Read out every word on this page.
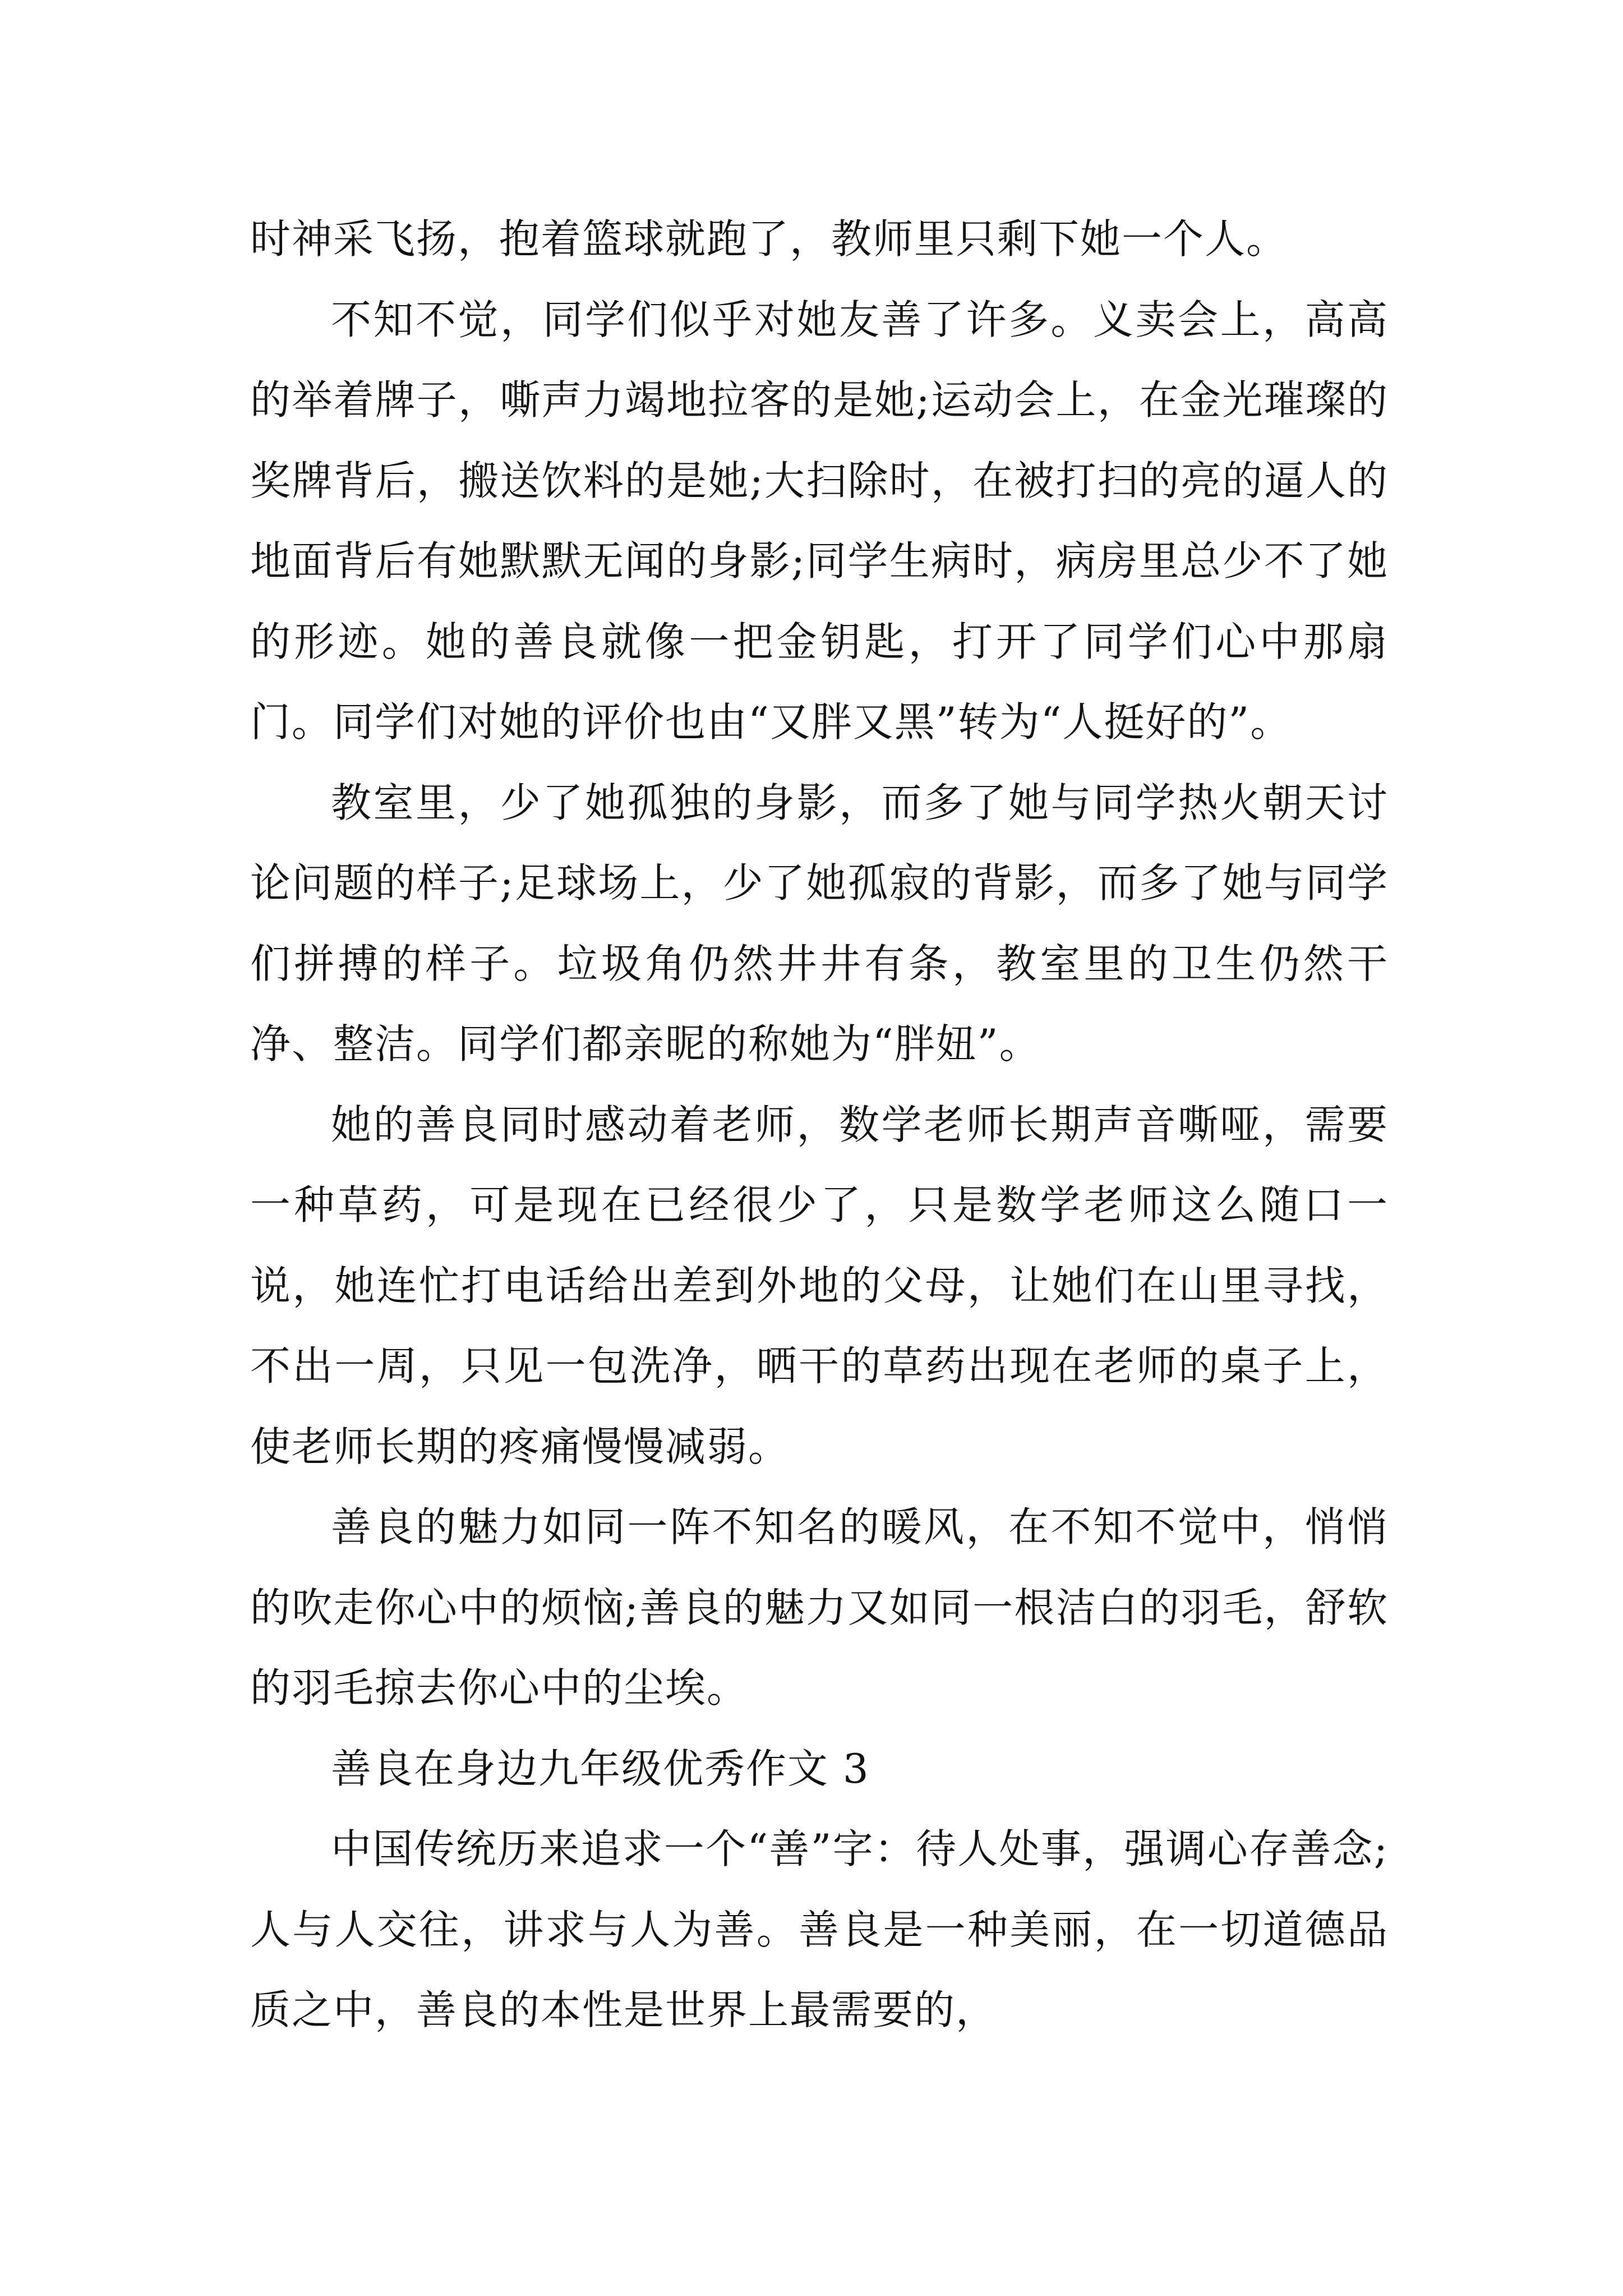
时神采飞扬，抱着篮球就跑了，教师里只剩下她一个人。

不知不觉，同学们似乎对她友善了许多。义卖会上，高高的举着牌子，嘶声力竭地拉客的是她;运动会上，在金光璀璨的奖牌背后，搬送饮料的是她;大扫除时，在被打扫的亮的逼人的地面背后有她默默无闻的身影;同学生病时，病房里总少不了她的形迹。她的善良就像一把金钥匙，打开了同学们心中那扇门。同学们对她的评价也由“又胖又黑”转为“人挺好的”。

教室里，少了她孤独的身影，而多了她与同学热火朝天讨论问题的样子;足球场上，少了她孤寂的背影，而多了她与同学们拼搏的样子。垃圾角仍然井井有条，教室里的卫生仍然干净、整洁。同学们都亲昵的称她为“胖妞”。

她的善良同时感动着老师，数学老师长期声音嘶哑，需要一种草药，可是现在已经很少了，只是数学老师这么随口一说，她连忙打电话给出差到外地的父母，让她们在山里寻找，不出一周，只见一包洗净，晒干的草药出现在老师的桌子上，使老师长期的疼痛慢慢减弱。

善良的魅力如同一阵不知名的暖风，在不知不觉中，悄悄的吹走你心中的烦恼;善良的魅力又如同一根洁白的羽毛，舒软的羽毛掠去你心中的尘埃。

善良在身边九年级优秀作文 3

中国传统历来追求一个“善”字：待人处事，强调心存善念;人与人交往，讲求与人为善。善良是一种美丽，在一切道德品质之中，善良的本性是世界上最需要的，
